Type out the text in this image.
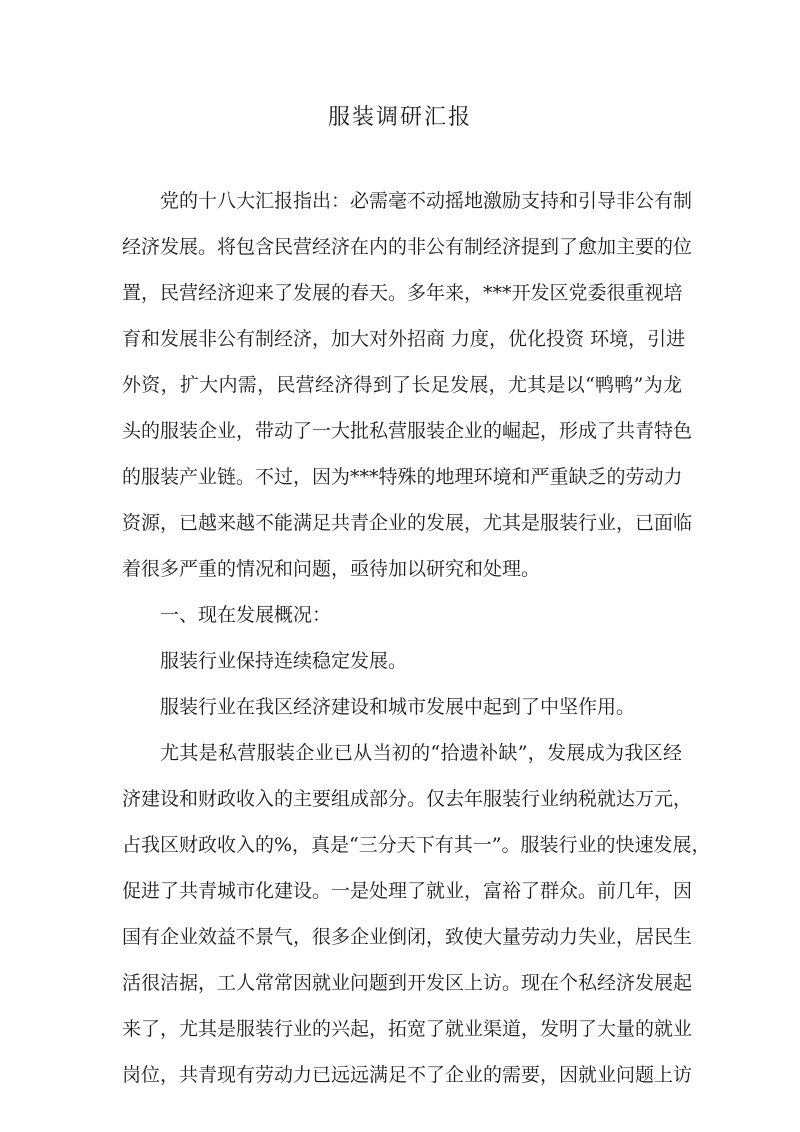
服装调研汇报
党的十八大汇报指出：必需毫不动摇地激励支持和引导非公有制
经济发展。将包含民营经济在内的非公有制经济提到了愈加主要的位
置，民营经济迎来了发展的春天。多年来，***开发区党委很重视培
育和发展非公有制经济，加大对外招商 力度，优化投资 环境，引进
外资，扩大内需，民营经济得到了长足发展，尤其是以“鸭鸭”为龙
头的服装企业，带动了一大批私营服装企业的崛起，形成了共青特色
的服装产业链。不过，因为***特殊的地理环境和严重缺乏的劳动力
资源，已越来越不能满足共青企业的发展，尤其是服装行业，已面临
着很多严重的情况和问题，亟待加以研究和处理。
一、现在发展概况：
服装行业保持连续稳定发展。
服装行业在我区经济建设和城市发展中起到了中坚作用。
尤其是私营服装企业已从当初的“拾遗补缺”，发展成为我区经
济建设和财政收入的主要组成部分。仅去年服装行业纳税就达万元，
占我区财政收入的%，真是“三分天下有其一”。服装行业的快速发展，
促进了共青城市化建设。一是处理了就业，富裕了群众。前几年，因
国有企业效益不景气，很多企业倒闭，致使大量劳动力失业，居民生
活很洁据，工人常常因就业问题到开发区上访。现在个私经济发展起
来了，尤其是服装行业的兴起，拓宽了就业渠道，发明了大量的就业
岗位，共青现有劳动力已远远满足不了企业的需要，因就业问题上访
